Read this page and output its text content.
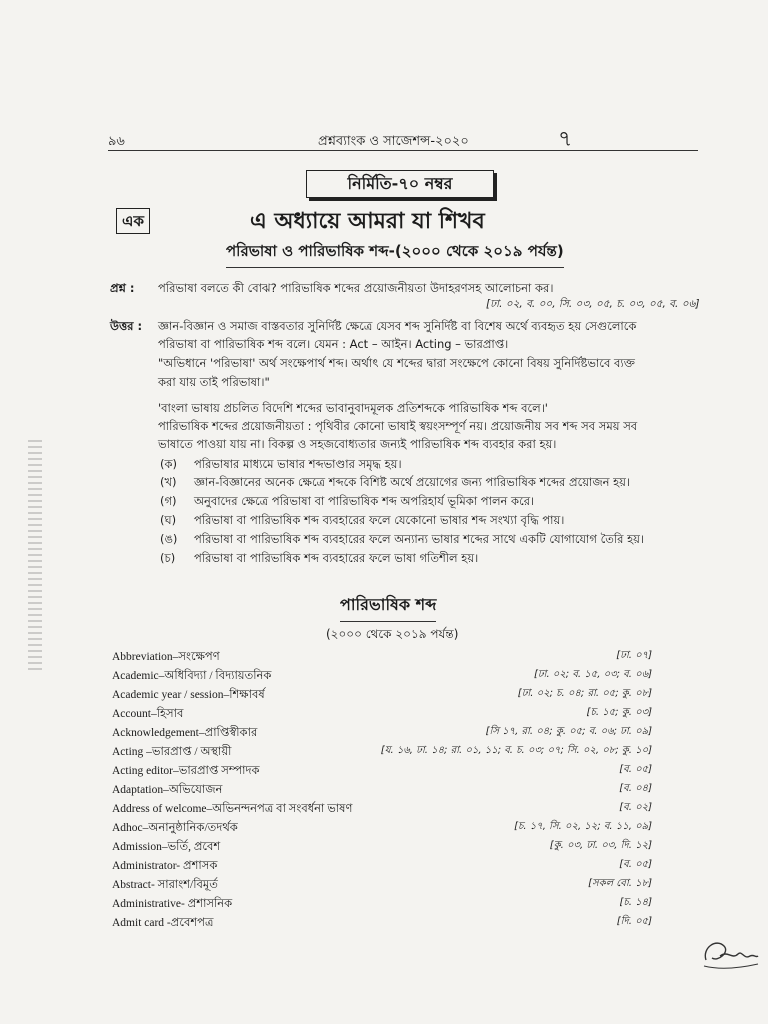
৯৬	প্রশ্নব্যাংক ও সাজেশন্স-২০২০	৭
নির্মিতি-৭০ নম্বর
এক	এ অধ্যায়ে আমরা যা শিখব
পরিভাষা ও পারিভাষিক শব্দ-(২০০০ থেকে ২০১৯ পর্যন্ত)
প্রশ্ন : পরিভাষা বলতে কী বোঝ? পারিভাষিক শব্দের প্রয়োজনীয়তা উদাহরণসহ আলোচনা কর।
[ঢা. ০২, ব. ০০, সি. ০৩, ০৫, চ. ০৩, ০৫, ব. ০৬]
উত্তর : জ্ঞান-বিজ্ঞান ও সমাজ বাস্তবতার সুনির্দিষ্ট ক্ষেত্রে যেসব শব্দ সুনির্দিষ্ট বা বিশেষ অর্থে ব্যবহৃত হয় সেগুলোকে
পরিভাষা বা পারিভাষিক শব্দ বলে। যেমন : Act – আইন। Acting – ভারপ্রাপ্ত।
"অভিধানে 'পরিভাষা' অর্থ সংক্ষেপার্থ শব্দ। অর্থাৎ যে শব্দের দ্বারা সংক্ষেপে কোনো বিষয় সুনির্দিষ্টভাবে ব্যক্ত
করা যায় তাই পরিভাষা।"
'বাংলা ভাষায় প্রচলিত বিদেশি শব্দের ভাবানুবাদমূলক প্রতিশব্দকে পারিভাষিক শব্দ বলে।'
পারিভাষিক শব্দের প্রয়োজনীয়তা : পৃথিবীর কোনো ভাষাই স্বয়ংসম্পূর্ণ নয়। প্রয়োজনীয় সব শব্দ সব সময় সব
ভাষাতে পাওয়া যায় না। বিকল্প ও সহজবোধ্যতার জন্যই পারিভাষিক শব্দ ব্যবহার করা হয়।
(ক) পরিভাষার মাধ্যমে ভাষার শব্দভাণ্ডার সমৃদ্ধ হয়।
(খ) জ্ঞান-বিজ্ঞানের অনেক ক্ষেত্রে শব্দকে বিশিষ্ট অর্থে প্রয়োগের জন্য পারিভাষিক শব্দের প্রয়োজন হয়।
(গ) অনুবাদের ক্ষেত্রে পরিভাষা বা পারিভাষিক শব্দ অপরিহার্য ভূমিকা পালন করে।
(ঘ) পরিভাষা বা পারিভাষিক শব্দ ব্যবহারের ফলে যেকোনো ভাষার শব্দ সংখ্যা বৃদ্ধি পায়।
(ঙ) পরিভাষা বা পারিভাষিক শব্দ ব্যবহারের ফলে অন্যান্য ভাষার শব্দের সাথে একটি যোগাযোগ তৈরি হয়।
(চ) পরিভাষা বা পারিভাষিক শব্দ ব্যবহারের ফলে ভাষা গতিশীল হয়।
পারিভাষিক শব্দ
(২০০০ থেকে ২০১৯ পর্যন্ত)
Abbreviation–সংক্ষেপণ	[ঢা. ০৭]
Academic–অধিবিদ্যা / বিদ্যায়তনিক	[ঢা. ০২; ব. ১৫, ০৩; ব. ০৬]
Academic year / session–শিক্ষাবর্ষ	[ঢা. ০২; চ. ০৪; রা. ০৫; কু. ০৮]
Account–হিসাব	[চ. ১৫; কু. ০৩]
Acknowledgement–প্রাপ্তিস্বীকার	[সি ১৭, রা. ০৪; কু. ০৫; ব. ০৬; ঢা. ০৯]
Acting –ভারপ্রাপ্ত / অস্থায়ী	[য. ১৬, ঢা. ১৪; রা. ০১, ১১; ব. চ. ০৩; ০৭; সি. ০২, ০৮; কু. ১০]
Acting editor–ভারপ্রাপ্ত সম্পাদক	[ব. ০৫]
Adaptation–অভিযোজন	[ব. ০৪]
Address of welcome–অভিনন্দনপত্র বা সংবর্ধনা ভাষণ	[ব. ০২]
Adhoc–অনানুষ্ঠানিক/তদর্থক	[চ. ১৭, সি. ০২, ১২; ব. ১১, ০৯]
Admission–ভর্তি, প্রবেশ	[কু. ০৩, ঢা. ০৩, দি. ১২]
Administrator- প্রশাসক	[ব. ০৫]
Abstract- সারাংশ/বিমূর্ত	[সকল বো. ১৮]
Administrative- প্রশাসনিক	[চ. ১৪]
Admit card -প্রবেশপত্র	[দি. ০৫]
